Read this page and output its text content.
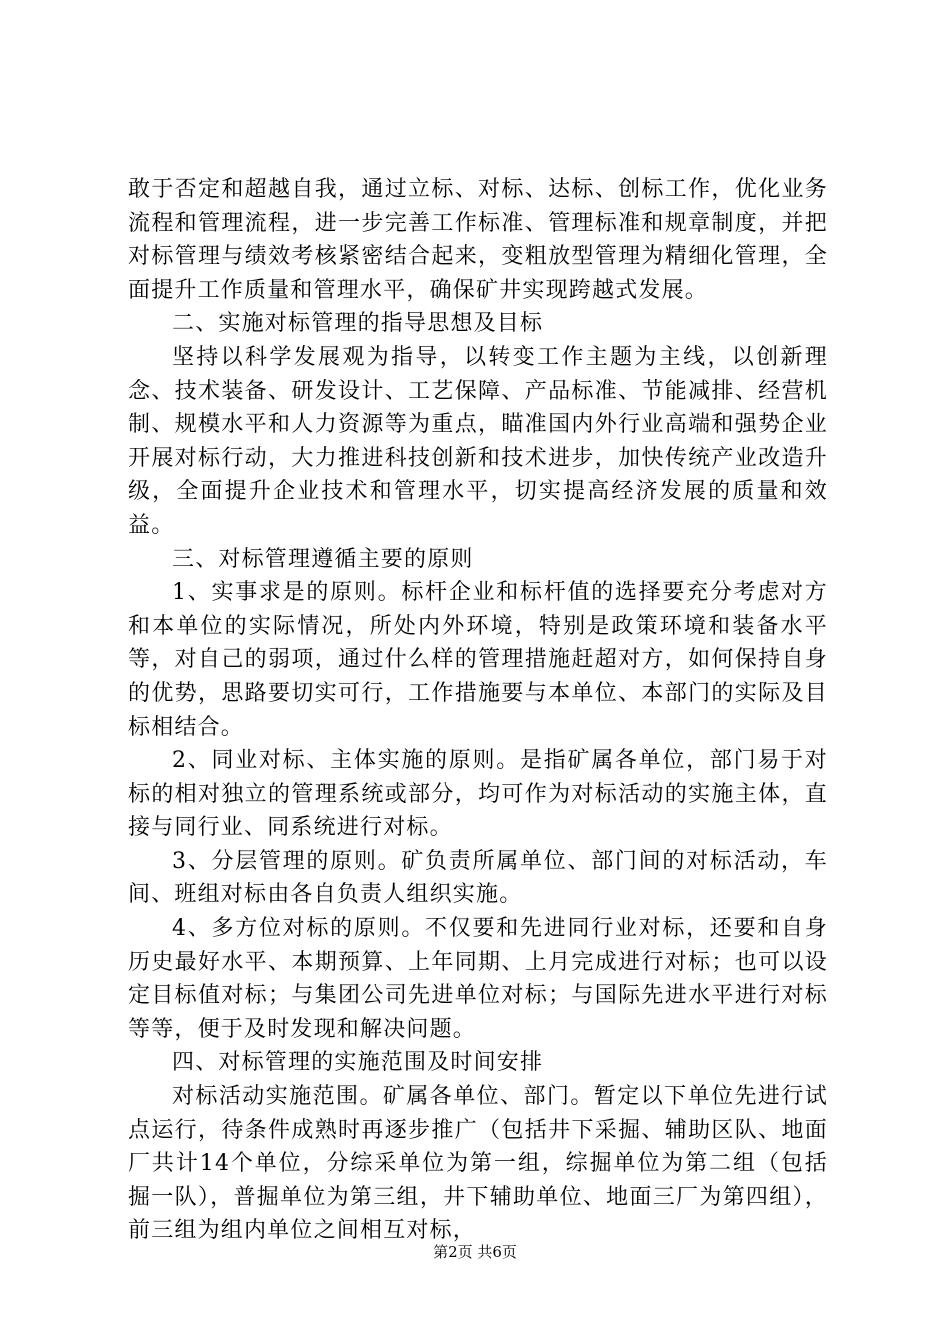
敢于否定和超越自我，通过立标、对标、达标、创标工作，优化业务流程和管理流程，进一步完善工作标准、管理标准和规章制度，并把对标管理与绩效考核紧密结合起来，变粗放型管理为精细化管理，全面提升工作质量和管理水平，确保矿井实现跨越式发展。

二、实施对标管理的指导思想及目标

坚持以科学发展观为指导，以转变工作主题为主线，以创新理念、技术装备、研发设计、工艺保障、产品标准、节能减排、经营机制、规模水平和人力资源等为重点，瞄准国内外行业高端和强势企业开展对标行动，大力推进科技创新和技术进步，加快传统产业改造升级，全面提升企业技术和管理水平，切实提高经济发展的质量和效益。

三、对标管理遵循主要的原则

1、实事求是的原则。标杆企业和标杆值的选择要充分考虑对方和本单位的实际情况，所处内外环境，特别是政策环境和装备水平等，对自己的弱项，通过什么样的管理措施赶超对方，如何保持自身的优势，思路要切实可行，工作措施要与本单位、本部门的实际及目标相结合。

2、同业对标、主体实施的原则。是指矿属各单位，部门易于对标的相对独立的管理系统或部分，均可作为对标活动的实施主体，直接与同行业、同系统进行对标。

3、分层管理的原则。矿负责所属单位、部门间的对标活动，车间、班组对标由各自负责人组织实施。

4、多方位对标的原则。不仅要和先进同行业对标，还要和自身历史最好水平、本期预算、上年同期、上月完成进行对标；也可以设定目标值对标；与集团公司先进单位对标；与国际先进水平进行对标等等，便于及时发现和解决问题。

四、对标管理的实施范围及时间安排

对标活动实施范围。矿属各单位、部门。暂定以下单位先进行试点运行，待条件成熟时再逐步推广（包括井下采掘、辅助区队、地面厂共计14个单位，分综采单位为第一组，综掘单位为第二组（包括掘一队），普掘单位为第三组，井下辅助单位、地面三厂为第四组），前三组为组内单位之间相互对标，

第2页 共6页
